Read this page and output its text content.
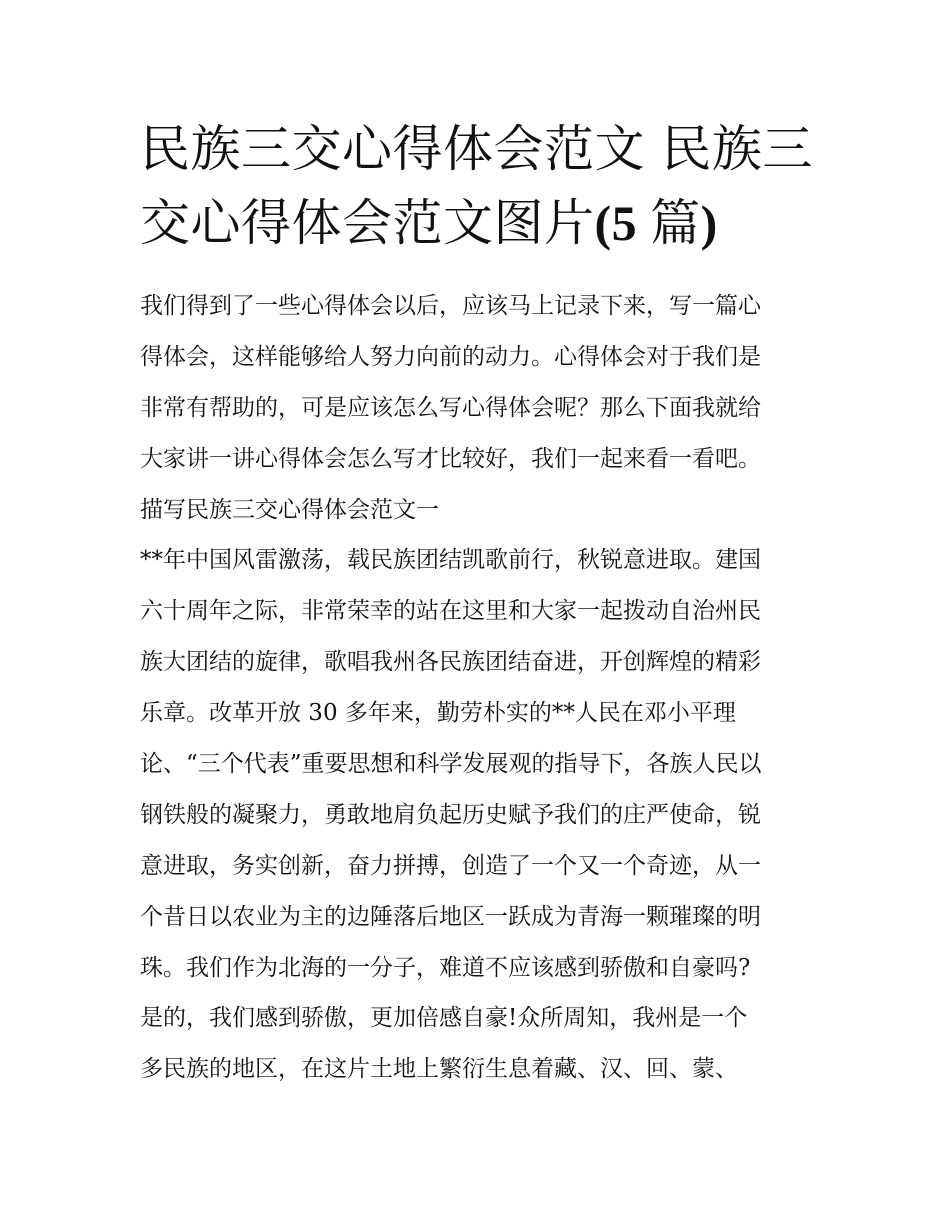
民族三交心得体会范文 民族三
交心得体会范文图片(5 篇)
我们得到了一些心得体会以后，应该马上记录下来，写一篇心
得体会，这样能够给人努力向前的动力。心得体会对于我们是
非常有帮助的，可是应该怎么写心得体会呢？那么下面我就给
大家讲一讲心得体会怎么写才比较好，我们一起来看一看吧。
描写民族三交心得体会范文一
**年中国风雷激荡，载民族团结凯歌前行，秋锐意进取。建国
六十周年之际，非常荣幸的站在这里和大家一起拨动自治州民
族大团结的旋律，歌唱我州各民族团结奋进，开创辉煌的精彩
乐章。改革开放 30 多年来，勤劳朴实的**人民在邓小平理
论、“三个代表”重要思想和科学发展观的指导下，各族人民以
钢铁般的凝聚力，勇敢地肩负起历史赋予我们的庄严使命，锐
意进取，务实创新，奋力拼搏，创造了一个又一个奇迹，从一
个昔日以农业为主的边陲落后地区一跃成为青海一颗璀璨的明
珠。我们作为北海的一分子，难道不应该感到骄傲和自豪吗?
是的，我们感到骄傲，更加倍感自豪!众所周知，我州是一个
多民族的地区，在这片土地上繁衍生息着藏、汉、回、蒙、
